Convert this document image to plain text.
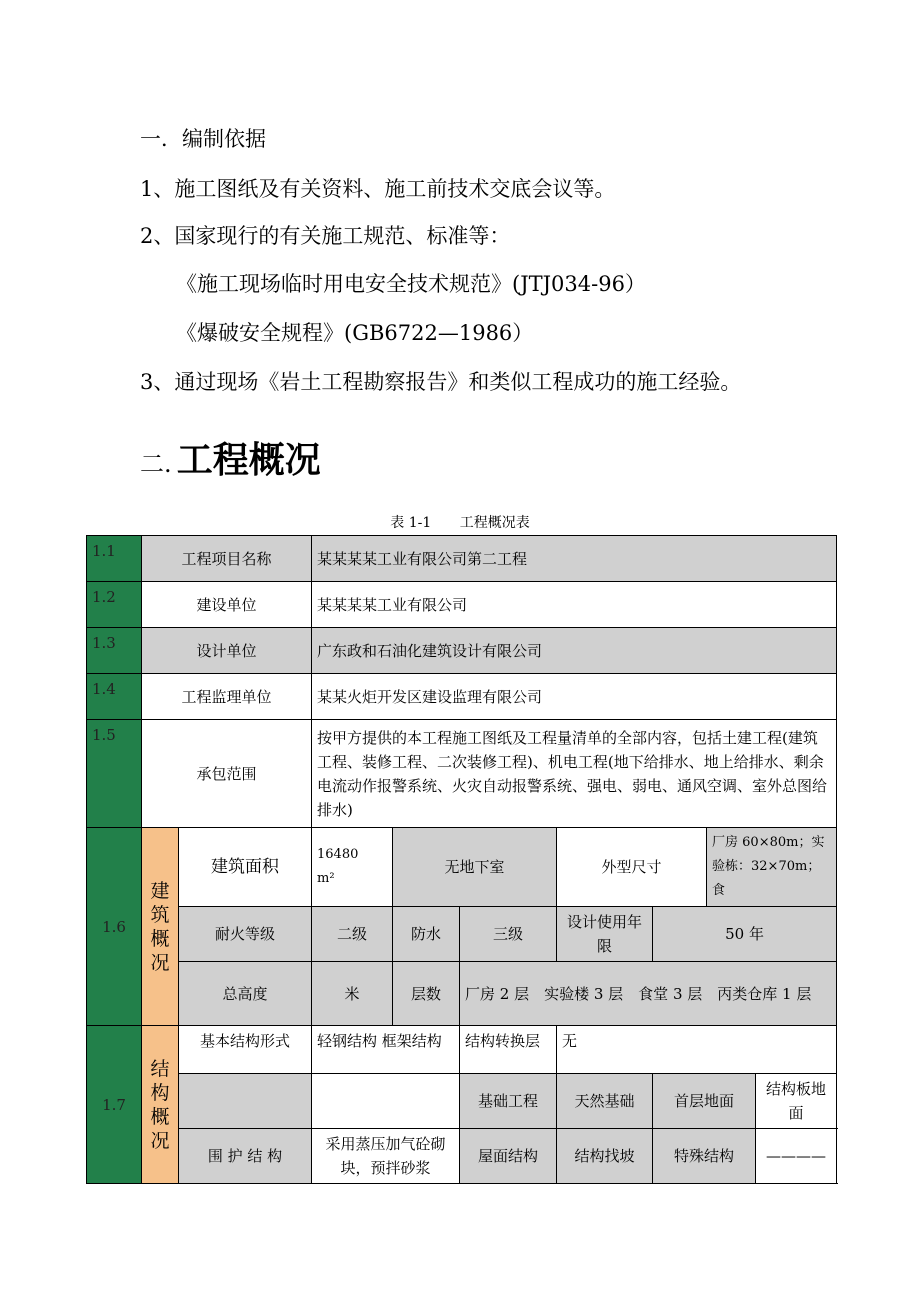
一．编制依据
1、施工图纸及有关资料、施工前技术交底会议等。
2、国家现行的有关施工规范、标准等：
《施工现场临时用电安全技术规范》(JTJ034-96）
《爆破安全规程》(GB6722—1986）
3、通过现场《岩土工程勘察报告》和类似工程成功的施工经验。
二. 工程概况
表 1-1 工程概况表
1.1	工程项目名称		某某某某工业有限公司第二工程						
1.2	建设单位		某某某某工业有限公司						
1.3	设计单位		广东政和石油化建筑设计有限公司						
1.4	工程监理单位		某某火炬开发区建设监理有限公司						
1.5	承包范围		按甲方提供的本工程施工图纸及工程量清单的全部内容，包括土建工程(建筑工程、装修工程、二次装修工程)、机电工程(地下给排水、地上给排水、剩余电流动作报警系统、火灾自动报警系统、强电、弱电、通风空调、室外总图给排水)						
1.6	建筑概况	建筑面积	16480
m²	无地下室		外型尺寸		厂房 60×80m；实验栋：32×70m；食	
		耐火等级	二级	防水	三级	设计使用年限	50 年		
		总高度	米	层数	厂房 2 层　实验楼 3 层　食堂 3 层　丙类仓库 1 层				
1.7	结构概况	基本结构形式	轻钢结构 框架结构		结构转换层	无			
					基础工程	天然基础	首层地面		结构板地面
		围 护 结 构	采用蒸压加气砼砌块，预拌砂浆		屋面结构	结构找坡	特殊结构		————
